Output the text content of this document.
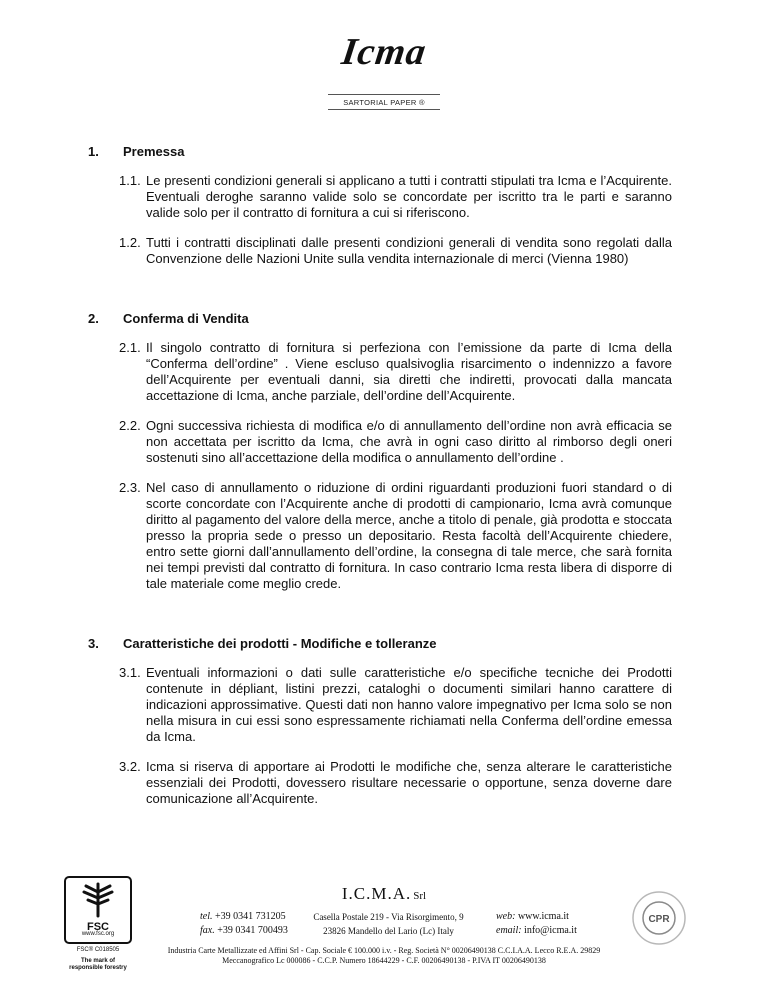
Icma
SARTORIAL PAPER ®
1.	Premessa
1.1. Le presenti condizioni generali si applicano a tutti i contratti stipulati tra Icma e l’Acquirente. Eventuali deroghe saranno valide solo se concordate per iscritto tra le parti e saranno valide solo per il contratto di fornitura a cui si riferiscono.
1.2. Tutti i contratti disciplinati dalle presenti condizioni generali di vendita sono regolati dalla Convenzione delle Nazioni Unite sulla vendita internazionale di merci (Vienna 1980)
2.	Conferma di Vendita
2.1. Il singolo contratto di fornitura si perfeziona con l’emissione da parte di Icma della “Conferma dell’ordine” . Viene escluso qualsivoglia risarcimento o indennizzo a favore dell’Acquirente per eventuali danni, sia diretti che indiretti, provocati dalla mancata accettazione di Icma, anche parziale, dell’ordine dell’Acquirente.
2.2. Ogni successiva richiesta di modifica e/o di annullamento dell’ordine non avrà efficacia se non accettata per iscritto da Icma, che avrà in ogni caso diritto al rimborso degli oneri sostenuti sino all’accettazione della modifica o annullamento dell’ordine .
2.3. Nel caso di annullamento o riduzione di ordini riguardanti produzioni fuori standard o di scorte concordate con l’Acquirente anche di prodotti di campionario, Icma avrà comunque diritto al pagamento del valore della merce, anche a titolo di penale, già prodotta e stoccata presso la propria sede o presso un depositario. Resta facoltà dell’Acquirente chiedere, entro sette giorni dall’annullamento dell’ordine, la consegna di tale merce, che sarà fornita nei tempi previsti dal contratto di fornitura. In caso contrario Icma resta libera di disporre di tale materiale come meglio crede.
3.	Caratteristiche dei prodotti - Modifiche e tolleranze
3.1. Eventuali informazioni o dati sulle caratteristiche e/o specifiche tecniche dei Prodotti contenute in dépliant, listini prezzi, cataloghi o documenti similari hanno carattere di indicazioni approssimative. Questi dati non hanno valore impegnativo per Icma solo se non nella misura in cui essi sono espressamente richiamati nella Conferma dell’ordine emessa da Icma.
3.2. Icma si riserva di apportare ai Prodotti le modifiche che, senza alterare le caratteristiche essenziali dei Prodotti, dovessero risultare necessarie o opportune, senza doverne dare comunicazione all’Acquirente.
FSC
www.fsc.org
FSC® C018505
The mark of
responsible forestry
I.C.M.A. Srl
tel. +39 0341 731205
fax. +39 0341 700493
Casella Postale 219 - Via Risorgimento, 9
23826 Mandello del Lario (Lc) Italy
web: www.icma.it
email: info@icma.it
CPR
Industria Carte Metallizzate ed Affini Srl - Cap. Sociale € 100.000 i.v. - Reg. Società N° 00206490138 C.C.I.A.A. Lecco R.E.A. 29829
Meccanografico Lc 000086 - C.C.P. Numero 18644229 - C.F. 00206490138 - P.IVA IT 00206490138
